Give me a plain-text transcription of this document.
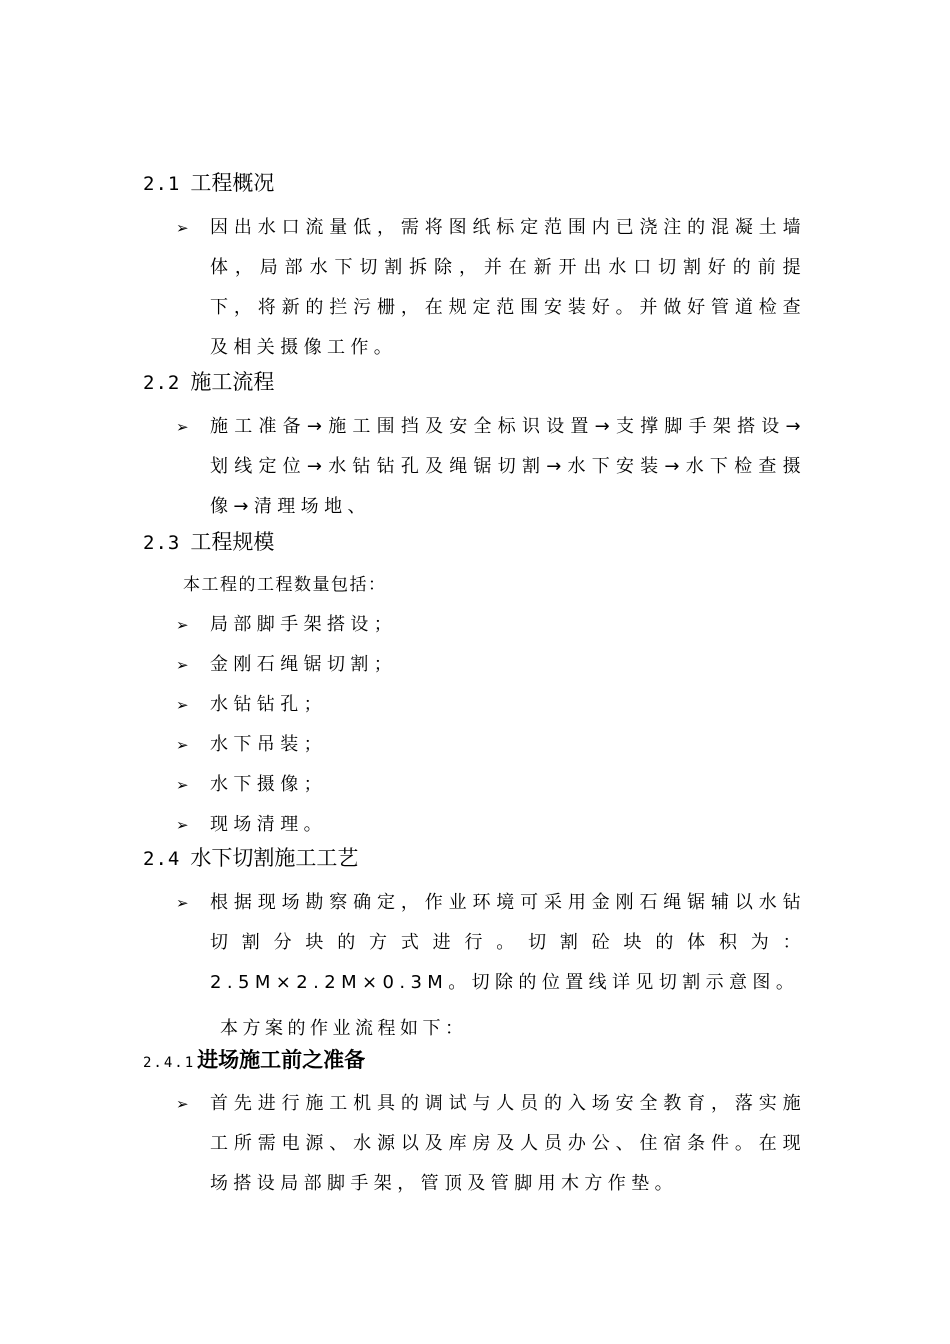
2.1 工程概况
➢ 因出水口流量低，需将图纸标定范围内已浇注的混凝土墙体，局部水下切割拆除，并在新开出水口切割好的前提下，将新的拦污栅，在规定范围安装好。并做好管道检查及相关摄像工作。
2.2 施工流程
➢ 施工准备→施工围挡及安全标识设置→支撑脚手架搭设→划线定位→水钻钻孔及绳锯切割→水下安装→水下检查摄像→清理场地、
2.3 工程规模
本工程的工程数量包括：
➢ 局部脚手架搭设；
➢ 金刚石绳锯切割；
➢ 水钻钻孔；
➢ 水下吊装；
➢ 水下摄像；
➢ 现场清理。
2.4 水下切割施工工艺
➢ 根据现场勘察确定，作业环境可采用金刚石绳锯辅以水钻切割分块的方式进行。切割砼块的体积为：2.5M×2.2M×0.3M。切除的位置线详见切割示意图。
本方案的作业流程如下：
2.4.1进场施工前之准备
➢ 首先进行施工机具的调试与人员的入场安全教育，落实施工所需电源、水源以及库房及人员办公、住宿条件。在现场搭设局部脚手架，管顶及管脚用木方作垫。
